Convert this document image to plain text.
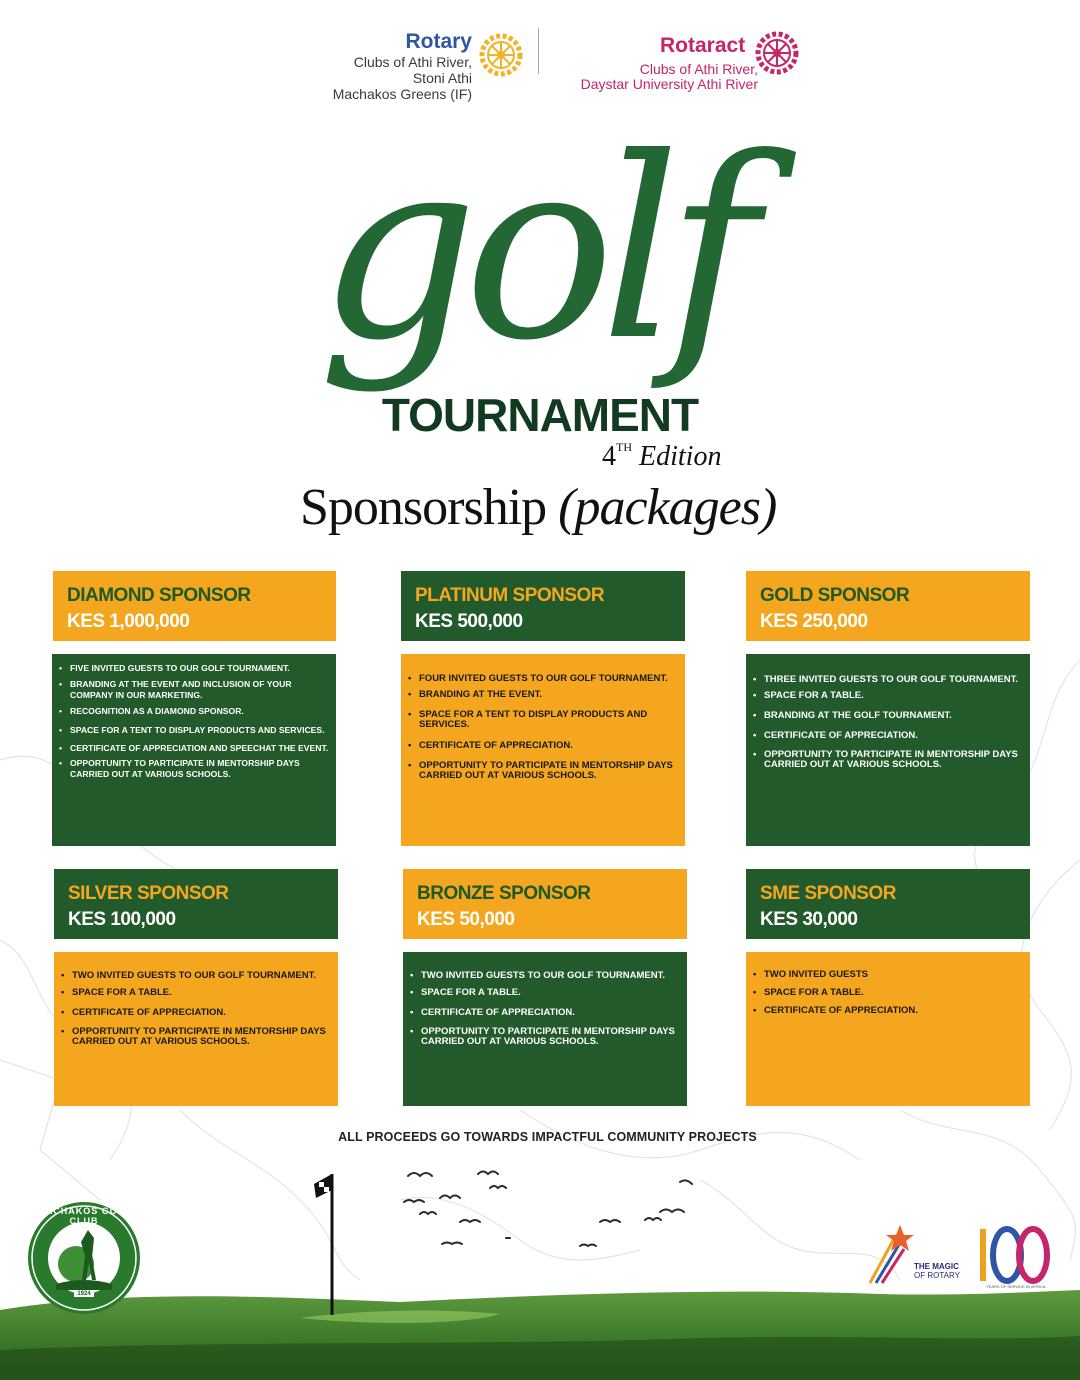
Rotary
Clubs of Athi River,
Stoni Athi
Machakos Greens (IF)
Rotaract
Clubs of Athi River,
Daystar University Athi River
golf
TOURNAMENT
4TH Edition
Sponsorship (packages)
DIAMOND SPONSOR
KES 1,000,000
• FIVE INVITED GUESTS TO OUR GOLF TOURNAMENT.
• BRANDING AT THE EVENT AND INCLUSION OF YOUR COMPANY IN OUR MARKETING.
• RECOGNITION AS A DIAMOND SPONSOR.
• SPACE FOR A TENT TO DISPLAY PRODUCTS AND SERVICES.
• CERTIFICATE OF APPRECIATION AND SPEECHAT THE EVENT.
• OPPORTUNITY TO PARTICIPATE IN MENTORSHIP DAYS CARRIED OUT AT VARIOUS SCHOOLS.
PLATINUM SPONSOR
KES 500,000
• FOUR INVITED GUESTS TO OUR GOLF TOURNAMENT.
• BRANDING AT THE EVENT.
• SPACE FOR A TENT TO DISPLAY PRODUCTS AND SERVICES.
• CERTIFICATE OF APPRECIATION.
• OPPORTUNITY TO PARTICIPATE IN MENTORSHIP DAYS CARRIED OUT AT VARIOUS SCHOOLS.
GOLD SPONSOR
KES 250,000
• THREE INVITED GUESTS TO OUR GOLF TOURNAMENT.
• SPACE FOR A TABLE.
• BRANDING AT THE GOLF TOURNAMENT.
• CERTIFICATE OF APPRECIATION.
• OPPORTUNITY TO PARTICIPATE IN MENTORSHIP DAYS CARRIED OUT AT VARIOUS SCHOOLS.
SILVER SPONSOR
KES 100,000
• TWO INVITED GUESTS TO OUR GOLF TOURNAMENT.
• SPACE FOR A TABLE.
• CERTIFICATE OF APPRECIATION.
• OPPORTUNITY TO PARTICIPATE IN MENTORSHIP DAYS CARRIED OUT AT VARIOUS SCHOOLS.
BRONZE SPONSOR
KES 50,000
• TWO INVITED GUESTS TO OUR GOLF TOURNAMENT.
• SPACE FOR A TABLE.
• CERTIFICATE OF APPRECIATION.
• OPPORTUNITY TO PARTICIPATE IN MENTORSHIP DAYS CARRIED OUT AT VARIOUS SCHOOLS.
SME SPONSOR
KES 30,000
• TWO INVITED GUESTS
• SPACE FOR A TABLE.
• CERTIFICATE OF APPRECIATION.
ALL PROCEEDS GO TOWARDS IMPACTFUL COMMUNITY PROJECTS
MACHAKOS GOLF CLUB
1924
THE MAGIC
OF ROTARY
YEARS OF SERVICE IN AFRICA
